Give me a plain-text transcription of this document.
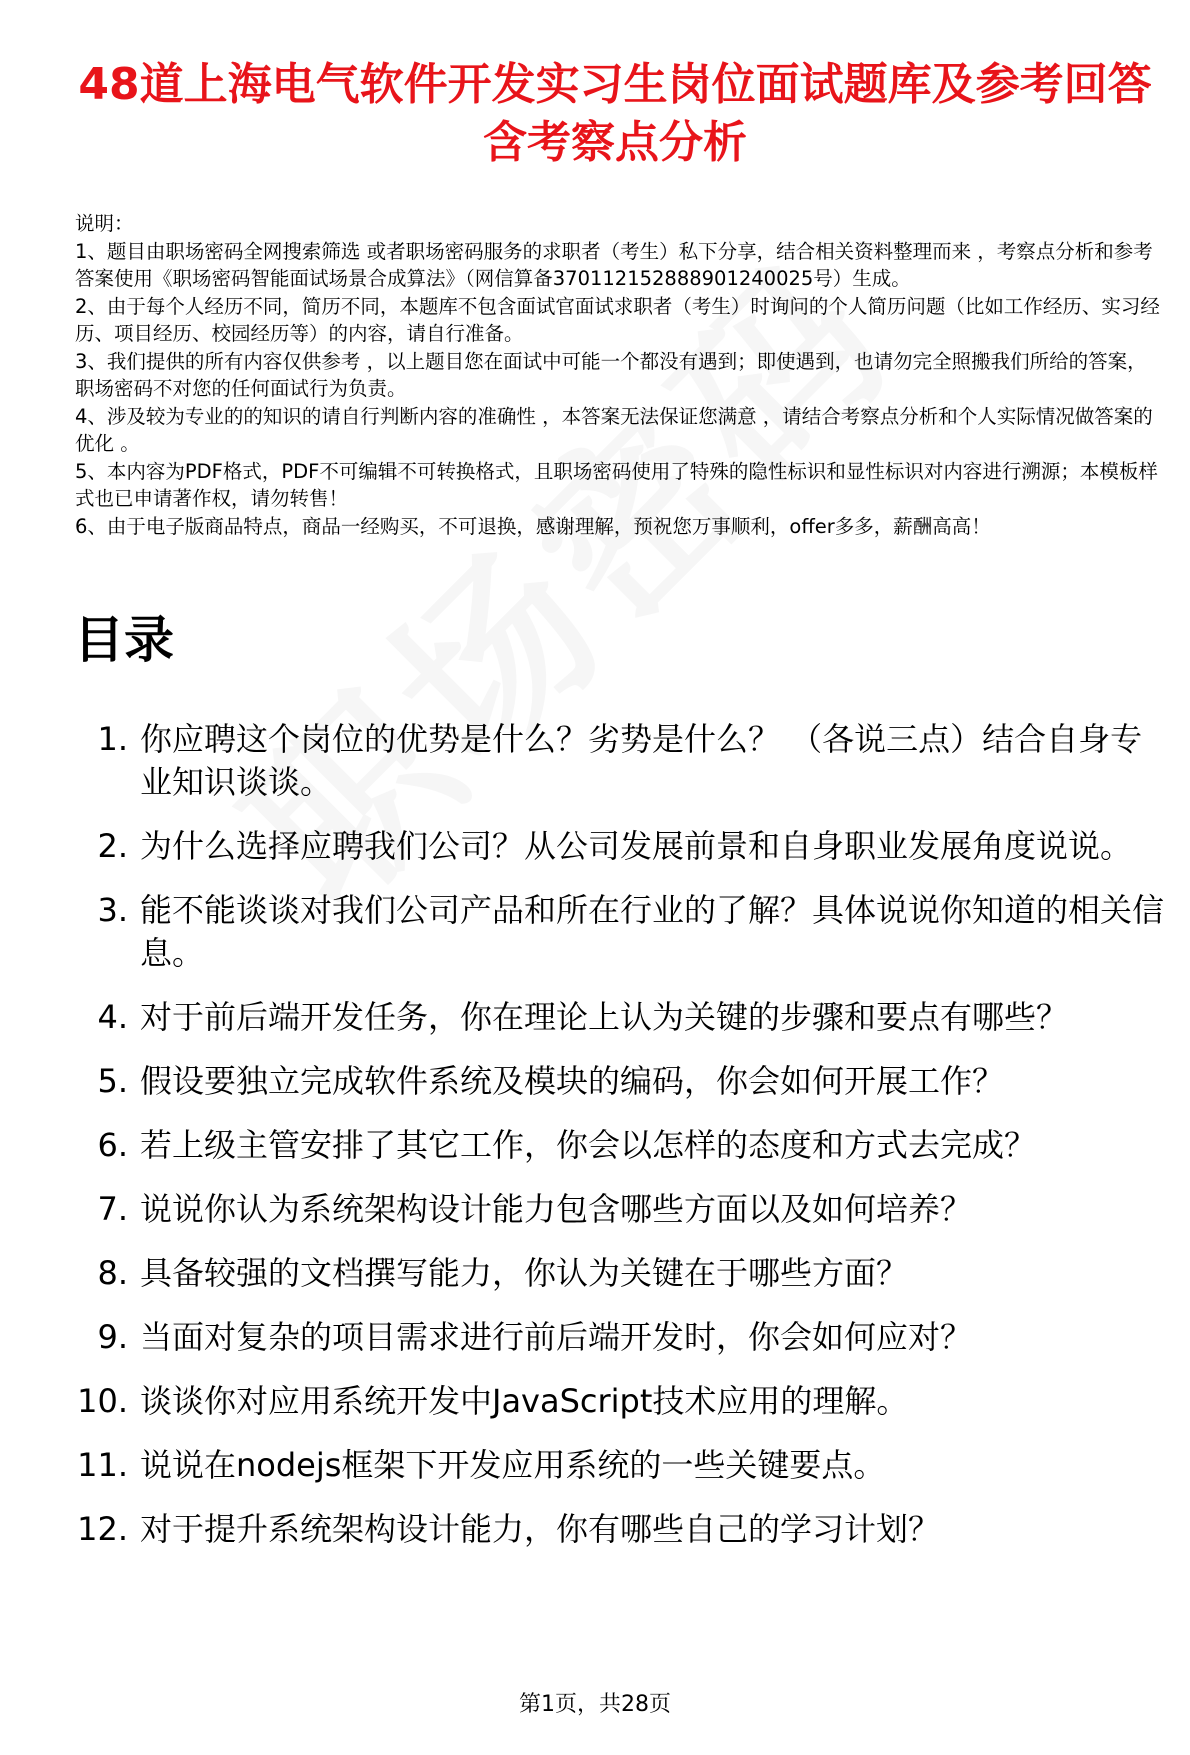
48道上海电气软件开发实习生岗位面试题库及参考回答含考察点分析

说明：

1、题目由职场密码全网搜索筛选 或者职场密码服务的求职者（考生）私下分享，结合相关资料整理而来 ，考察点分析和参考答案使用《职场密码智能面试场景合成算法》（网信算备370112152888901240025号）生成。

2、由于每个人经历不同，简历不同，本题库不包含面试官面试求职者（考生）时询问的个人简历问题（比如工作经历、实习经历、项目经历、校园经历等）的内容，请自行准备。

3、我们提供的所有内容仅供参考 ，以上题目您在面试中可能一个都没有遇到；即使遇到，也请勿完全照搬我们所给的答案，职场密码不对您的任何面试行为负责。

4、涉及较为专业的的知识的请自行判断内容的准确性 ，本答案无法保证您满意 ，请结合考察点分析和个人实际情况做答案的优化 。

5、本内容为PDF格式，PDF不可编辑不可转换格式，且职场密码使用了特殊的隐性标识和显性标识对内容进行溯源；本模板样式也已申请著作权，请勿转售！

6、由于电子版商品特点，商品一经购买，不可退换，感谢理解，预祝您万事顺利，offer多多，薪酬高高！

目录
1. 你应聘这个岗位的优势是什么？劣势是什么？ （各说三点）结合自身专业知识谈谈。
2. 为什么选择应聘我们公司？从公司发展前景和自身职业发展角度说说。
3. 能不能谈谈对我们公司产品和所在行业的了解？具体说说你知道的相关信息。
4. 对于前后端开发任务，你在理论上认为关键的步骤和要点有哪些？
5. 假设要独立完成软件系统及模块的编码，你会如何开展工作？
6. 若上级主管安排了其它工作，你会以怎样的态度和方式去完成？
7. 说说你认为系统架构设计能力包含哪些方面以及如何培养？
8. 具备较强的文档撰写能力，你认为关键在于哪些方面？
9. 当面对复杂的项目需求进行前后端开发时，你会如何应对？
10. 谈谈你对应用系统开发中JavaScript技术应用的理解。
11. 说说在nodejs框架下开发应用系统的一些关键要点。
12. 对于提升系统架构设计能力，你有哪些自己的学习计划？
第1页，共28页
